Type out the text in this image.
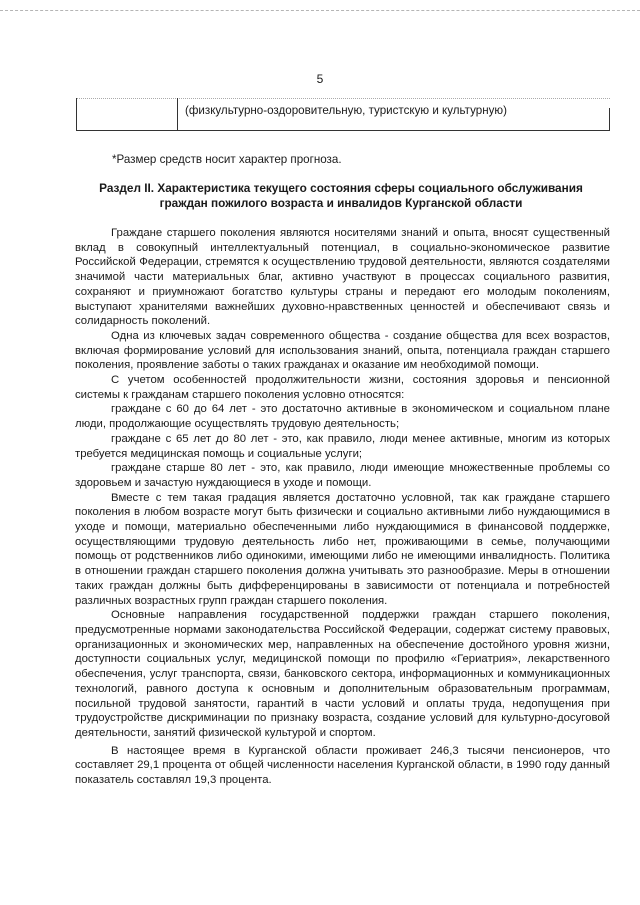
5
(физкультурно-оздоровительную, туристскую и культурную)
*Размер средств носит характер прогноза.
Раздел II. Характеристика текущего состояния сферы социального обслуживания
граждан пожилого возраста и инвалидов Курганской области

Граждане старшего поколения являются носителями знаний и опыта, вносят существенный вклад в совокупный интеллектуальный потенциал, в социально-экономическое развитие Российской Федерации, стремятся к осуществлению трудовой деятельности, являются создателями значимой части материальных благ, активно участвуют в процессах социального развития, сохраняют и приумножают богатство культуры страны и передают его молодым поколениям, выступают хранителями важнейших духовно-нравственных ценностей и обеспечивают связь и солидарность поколений.

Одна из ключевых задач современного общества - создание общества для всех возрастов, включая формирование условий для использования знаний, опыта, потенциала граждан старшего поколения, проявление заботы о таких гражданах и оказание им необходимой помощи.

С учетом особенностей продолжительности жизни, состояния здоровья и пенсионной системы к гражданам старшего поколения условно относятся:

граждане с 60 до 64 лет - это достаточно активные в экономическом и социальном плане люди, продолжающие осуществлять трудовую деятельность;

граждане с 65 лет до 80 лет - это, как правило, люди менее активные, многим из которых требуется медицинская помощь и социальные услуги;

граждане старше 80 лет - это, как правило, люди имеющие множественные проблемы со здоровьем и зачастую нуждающиеся в уходе и помощи.

Вместе с тем такая градация является достаточно условной, так как граждане старшего поколения в любом возрасте могут быть физически и социально активными либо нуждающимися в уходе и помощи, материально обеспеченными либо нуждающимися в финансовой поддержке, осуществляющими трудовую деятельность либо нет, проживающими в семье, получающими помощь от родственников либо одинокими, имеющими либо не имеющими инвалидность. Политика в отношении граждан старшего поколения должна учитывать это разнообразие. Меры в отношении таких граждан должны быть дифференцированы в зависимости от потенциала и потребностей различных возрастных групп граждан старшего поколения.

Основные направления государственной поддержки граждан старшего поколения, предусмотренные нормами законодательства Российской Федерации, содержат систему правовых, организационных и экономических мер, направленных на обеспечение достойного уровня жизни, доступности социальных услуг, медицинской помощи по профилю «Гериатрия», лекарственного обеспечения, услуг транспорта, связи, банковского сектора, информационных и коммуникационных технологий, равного доступа к основным и дополнительным образовательным программам, посильной трудовой занятости, гарантий в части условий и оплаты труда, недопущения при трудоустройстве дискриминации по признаку возраста, создание условий для культурно-досуговой деятельности, занятий физической культурой и спортом.

В настоящее время в Курганской области проживает 246,3 тысячи пенсионеров, что составляет 29,1 процента от общей численности населения Курганской области, в 1990 году данный показатель составлял 19,3 процента.
